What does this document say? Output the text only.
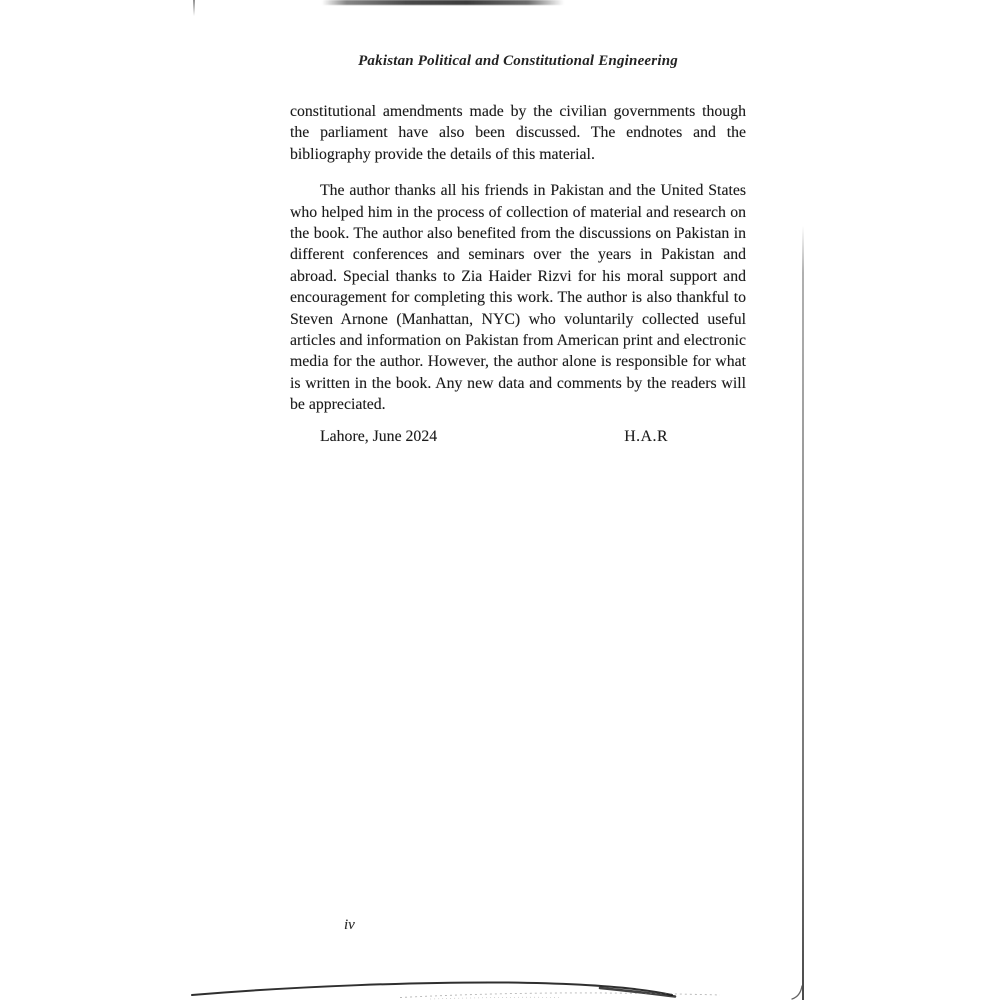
Pakistan Political and Constitutional Engineering

constitutional amendments made by the civilian governments though the parliament have also been discussed. The endnotes and the bibliography provide the details of this material.

The author thanks all his friends in Pakistan and the United States who helped him in the process of collection of material and research on the book. The author also benefited from the discussions on Pakistan in different conferences and seminars over the years in Pakistan and abroad. Special thanks to Zia Haider Rizvi for his moral support and encouragement for completing this work. The author is also thankful to Steven Arnone (Manhattan, NYC) who voluntarily collected useful articles and information on Pakistan from American print and electronic media for the author. However, the author alone is responsible for what is written in the book. Any new data and comments by the readers will be appreciated.

Lahore, June 2024	H.A.R
iv
